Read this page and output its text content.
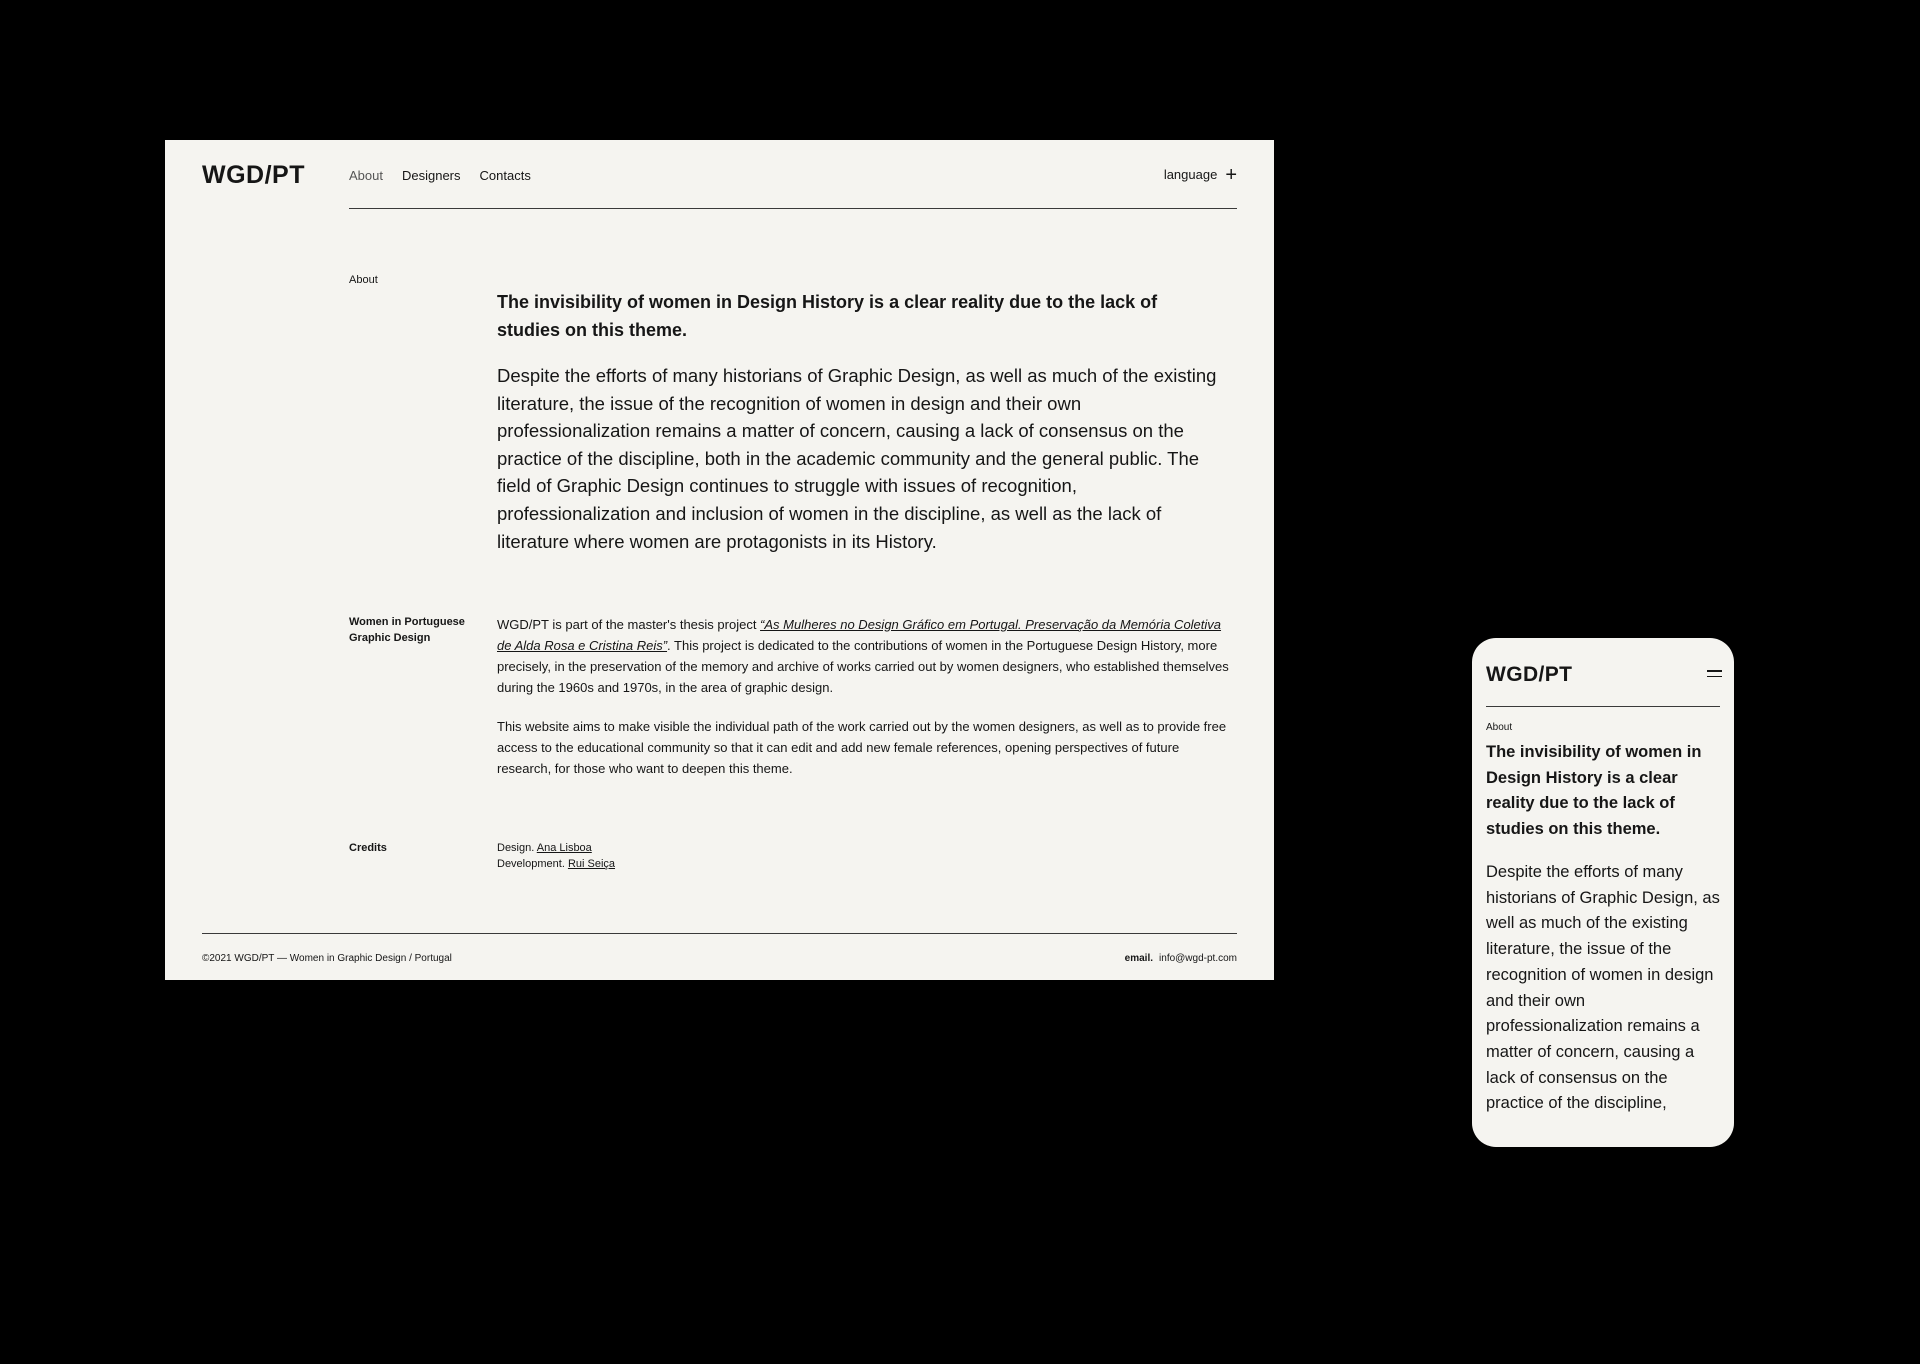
WGD/PT	About Designers Contacts	language +
About
The invisibility of women in Design History is a clear reality due to the lack of studies on this theme.
Despite the efforts of many historians of Graphic Design, as well as much of the existing literature, the issue of the recognition of women in design and their own professionalization remains a matter of concern, causing a lack of consensus on the practice of the discipline, both in the academic community and the general public. The field of Graphic Design continues to struggle with issues of recognition, professionalization and inclusion of women in the discipline, as well as the lack of literature where women are protagonists in its History.
Women in Portuguese
Graphic Design
WGD/PT is part of the master's thesis project “As Mulheres no Design Gráfico em Portugal. Preservação da Memória Coletiva de Alda Rosa e Cristina Reis”. This project is dedicated to the contributions of women in the Portuguese Design History, more precisely, in the preservation of the memory and archive of works carried out by women designers, who established themselves during the 1960s and 1970s, in the area of graphic design.
This website aims to make visible the individual path of the work carried out by the women designers, as well as to provide free access to the educational community so that it can edit and add new female references, opening perspectives of future research, for those who want to deepen this theme.
Credits	Design. Ana Lisboa
Development. Rui Seiça
©2021 WGD/PT — Women in Graphic Design / Portugal	email. info@wgd-pt.com
WGD/PT
About
The invisibility of women in Design History is a clear reality due to the lack of studies on this theme.
Despite the efforts of many historians of Graphic Design, as well as much of the existing literature, the issue of the recognition of women in design and their own professionalization remains a matter of concern, causing a lack of consensus on the practice of the discipline,
